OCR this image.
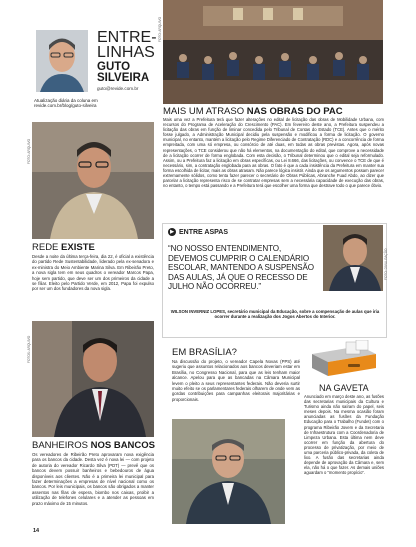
ENTRE-
LINHAS
GUTO SILVEIRA
guto@revide.com.br
Atualização diária da coluna em
revide.com.br/blog/guto-silveira
FOTO: ARQUIVO
REDE EXISTE
Desde a noite da última terça-feira, dia 22, é oficial a existência do partido Rede Sustentabilidade, liderado pela ex-senadora e ex-ministra do Meio Ambiente Marina Silva. Em Ribeirão Preto, a nova sigla tem em seus quadros o vereador Marcos Papa, hoje sem partido, que deve ser um dos primeiros da cidade a se filiar. Eleito pelo Partido Verde, em 2012, Papa foi expulso por ser um dos fundadores da nova sigla.
FOTOS: ARQUIVO
BANHEIROS NOS BANCOS
Os vereadores de Ribeirão Preto aprovaram nova exigência para os bancos da cidade. Desta vez é nova lei — com projeto de autoria do vereador Ricardo Silva (PDT) — prevê que os bancos devem possuir banheiros e bebedouros de água disponíveis aos clientes. Não é a primeira lei municipal para fazer determinações a empresas de nível nacional como os bancos. Por leis municipais, os bancos são obrigados a manter assentos nas filas de espera, biombo nos caixas, proibir a utilização de telefones celulares e a atender as pessoas em prazo máximo de 15 minutos.
FOTO: ARQUIVO
MAIS UM ATRASO NAS OBRAS DO PAC
Mais uma vez a Prefeitura terá que fazer alterações no edital de licitação das obras de Mobilidade Urbana, com recursos do Programa de Aceleração do Crescimento (PAC). Em fevereiro deste ano, a Prefeitura suspendeu a licitação das obras em função de liminar concedida pelo Tribunal de Contas do Estado (TCE). Antes que o mérito fosse julgado, a Administração Municipal decidiu pela suspensão e modificou a forma de licitação. O governo municipal, no entanto, mantém a licitação pelo Regime Diferenciado de Contratação (RDC) e a concorrência de forma empreitada, com uma só empresa, ou consórcio de até duas, em todas as obras previstas. Agora, após novas representações, o TCE considerou que não há elementos, na documentação do edital, que comprove a necessidade de a licitação ocorrer de forma englobada. Com esta decisão, o Tribunal determinou que o edital seja reformulado. Assim, ou a Prefeitura faz a licitação em obras específicas, ou Lei 8.666, das licitações, ou convence o TCE de que é necessário, sim, a contratação englobada para as obras. O fato é que a cada insistência da Prefeitura em manter sua forma escolhida de licitar, mais as obras atrasam. Não parece lógica insistir. Ainda que os argumentos possam parecer extremamente sólidos, como tenta fazer parecer o secretário de Obras Públicas, Abranche Fuad Abdo, ao dizer que parcelar a licitação representa risco de se contratar empresas sem a necessária capacidade de execução das obras, no entanto, o tempo está passando e a Prefeitura terá que escolher uma forma que destrave todo o que parece óbvio.
▶ ENTRE ASPAS
FOTO: DIVULGAÇÃO
“NO NOSSO ENTENDIMENTO, DEVEMOS CUMPRIR O CALENDÁRIO ESCOLAR, MANTENDO A SUSPENSÃO DAS AULAS, JÁ QUE O RECESSO DE JULHO NÃO OCORREU.”
WILSON INVERNIZ LOPES, secretário municipal da Educação, sobre a compensação de aulas que iria ocorrer durante a realização dos Jogos Abertos do Interior.
EM BRASÍLIA?
Na discussão do projeto, o vereador Capela Novas (PPS) até sugeriu que assuntos relacionados aos bancos deveriam estar em Brasília, no Congresso Nacional, para que as leis tenham maior alcance. Apelou para que as bancadas na Câmara Municipal levem o pleito a seus representantes federais. Não deveria surtir muito efeito se os parlamentares federais olharem de onde vem as gordas contribuições para campanhas eleitorais majoritárias e proporcionais.
NA GAVETA
Anunciado em março deste ano, as fusões das secretarias municipais da Cultura e Turismo ainda não saíram do papel, seis meses depois. Na mesma ocasião foram anunciadas as fusões da Fundação Educação para o Trabalho (Fundet) com o programa Ribeirão Jovem e da Secretaria de Infraestrutura com a Coordenadoria de Limpeza Urbana. Esta última nem deve ocorrer em função da abertura do processo de privatização, por meio de uma parceria público-privada, da coleta de lixo. A fusão das secretarias ainda depende de aprovação da Câmara e, sem ela, não há o que fazer. As demais uniões aguardam o “momento propício”.
14
